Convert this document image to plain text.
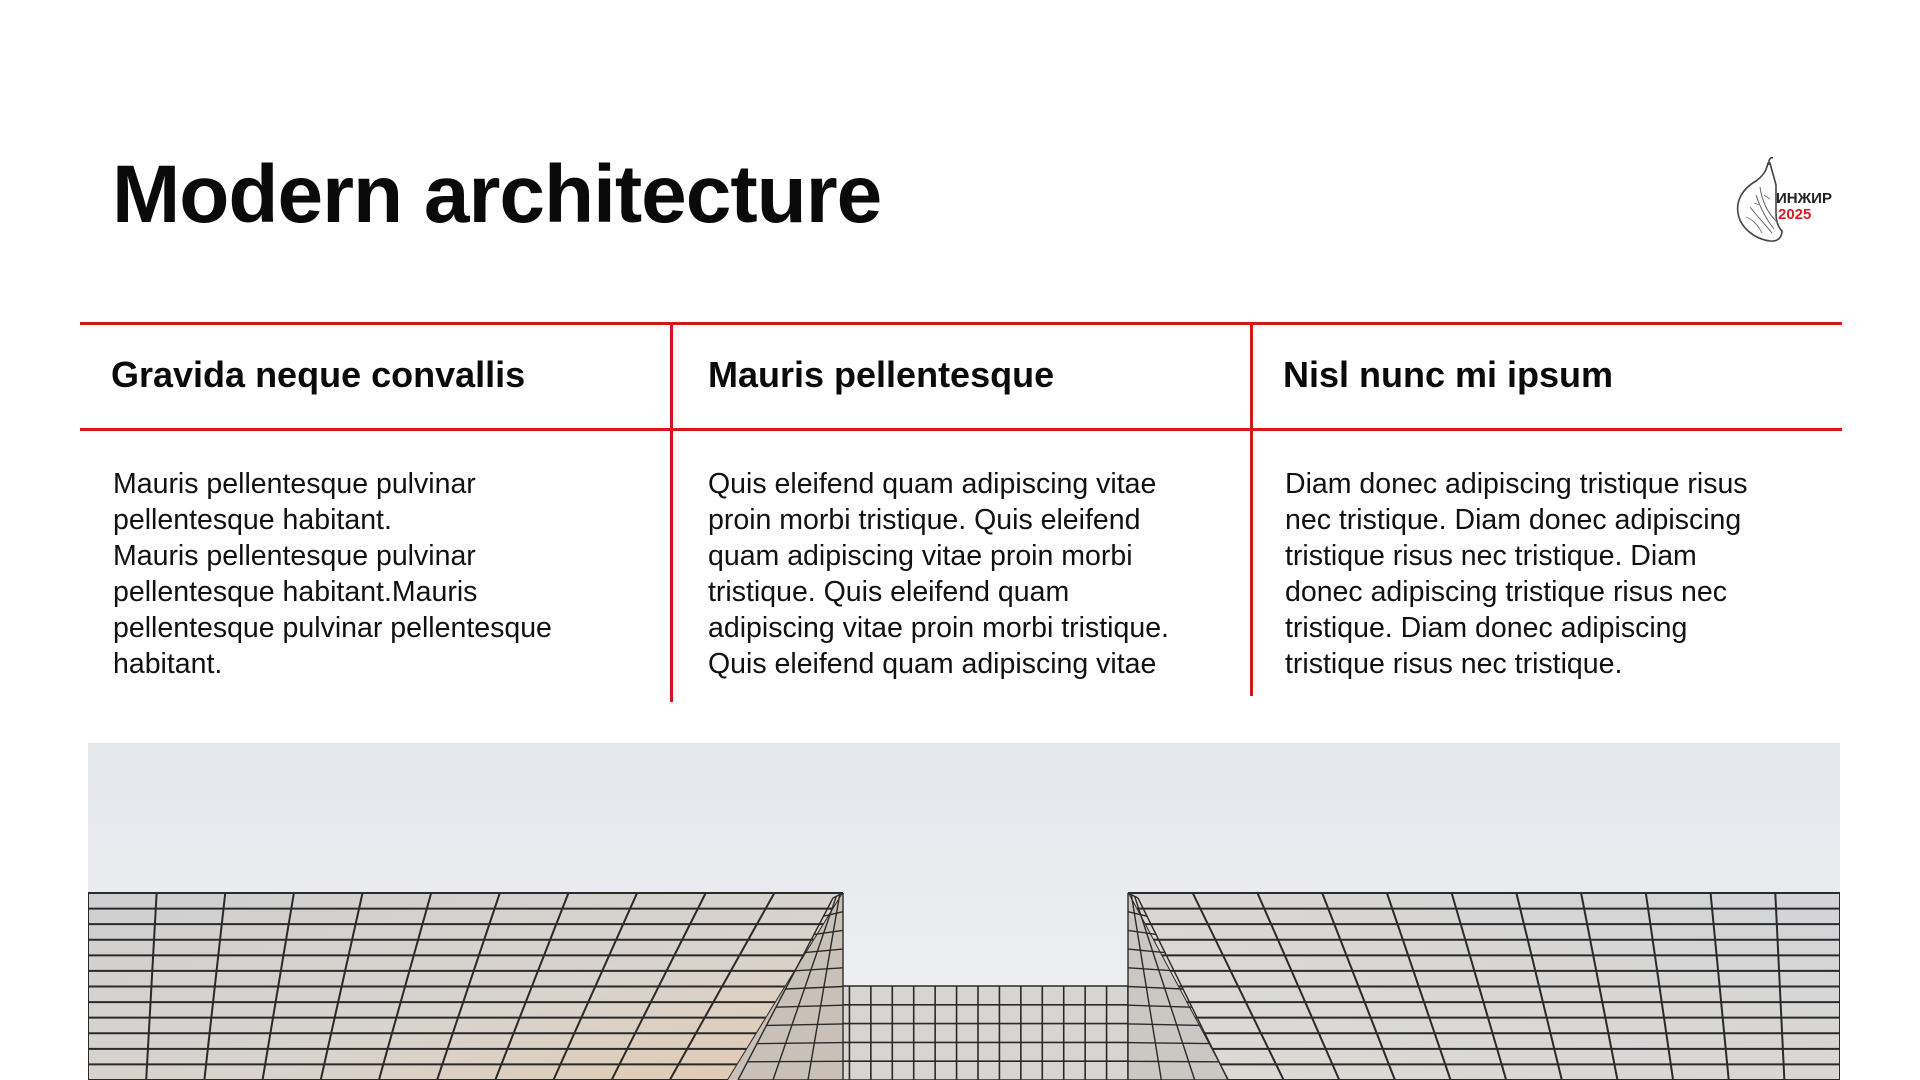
Modern architecture	ИНЖИР
2025
Gravida neque convallis	Mauris pellentesque	Nisl nunc mi ipsum

Mauris pellentesque pulvinar
pellentesque habitant.
Mauris pellentesque pulvinar
pellentesque habitant.Mauris
pellentesque pulvinar pellentesque
habitant.

Quis eleifend quam adipiscing vitae
proin morbi tristique. Quis eleifend
quam adipiscing vitae proin morbi
tristique. Quis eleifend quam
adipiscing vitae proin morbi tristique.
Quis eleifend quam adipiscing vitae

Diam donec adipiscing tristique risus
nec tristique. Diam donec adipiscing
tristique risus nec tristique. Diam
donec adipiscing tristique risus nec
tristique. Diam donec adipiscing
tristique risus nec tristique.
